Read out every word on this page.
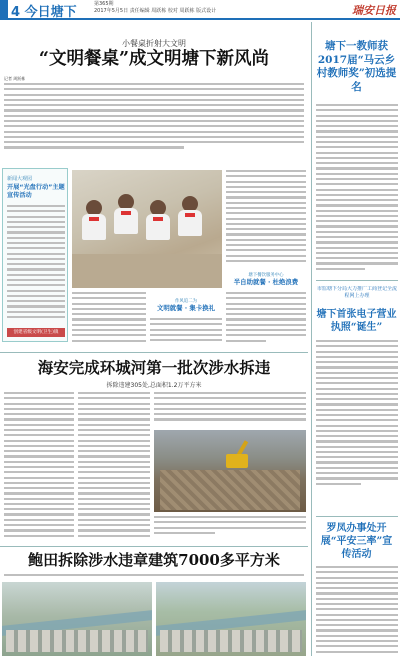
4 今日塘下
第365期
2017年5月5日 责任编辑 周跃栋 校对 周跃栋 版式设计	瑞安日报
小餐桌折射大文明
“文明餐桌”成文明塘下新风尚
记者 周跃栋
新闻大观园
开展“光盘行动”主题宣传活动
创建省级文明(卫生)镇
塘下餐饮服务中心
半自助就餐 · 杜绝浪费
作风追二为
文明就餐 · 集卡换礼
海安完成环城河第一批次涉水拆违
拆除违建305处,总面积1.2万平方米
鲍田拆除涉水违章建筑7000多平方米
塘下一教师获2017届“马云乡村教师奖”初选提名
市监塘下分局大力推广工商登记全流程网上办理
塘下首张电子营业执照“诞生”
罗凤办事处开展“平安三率”宣传活动
